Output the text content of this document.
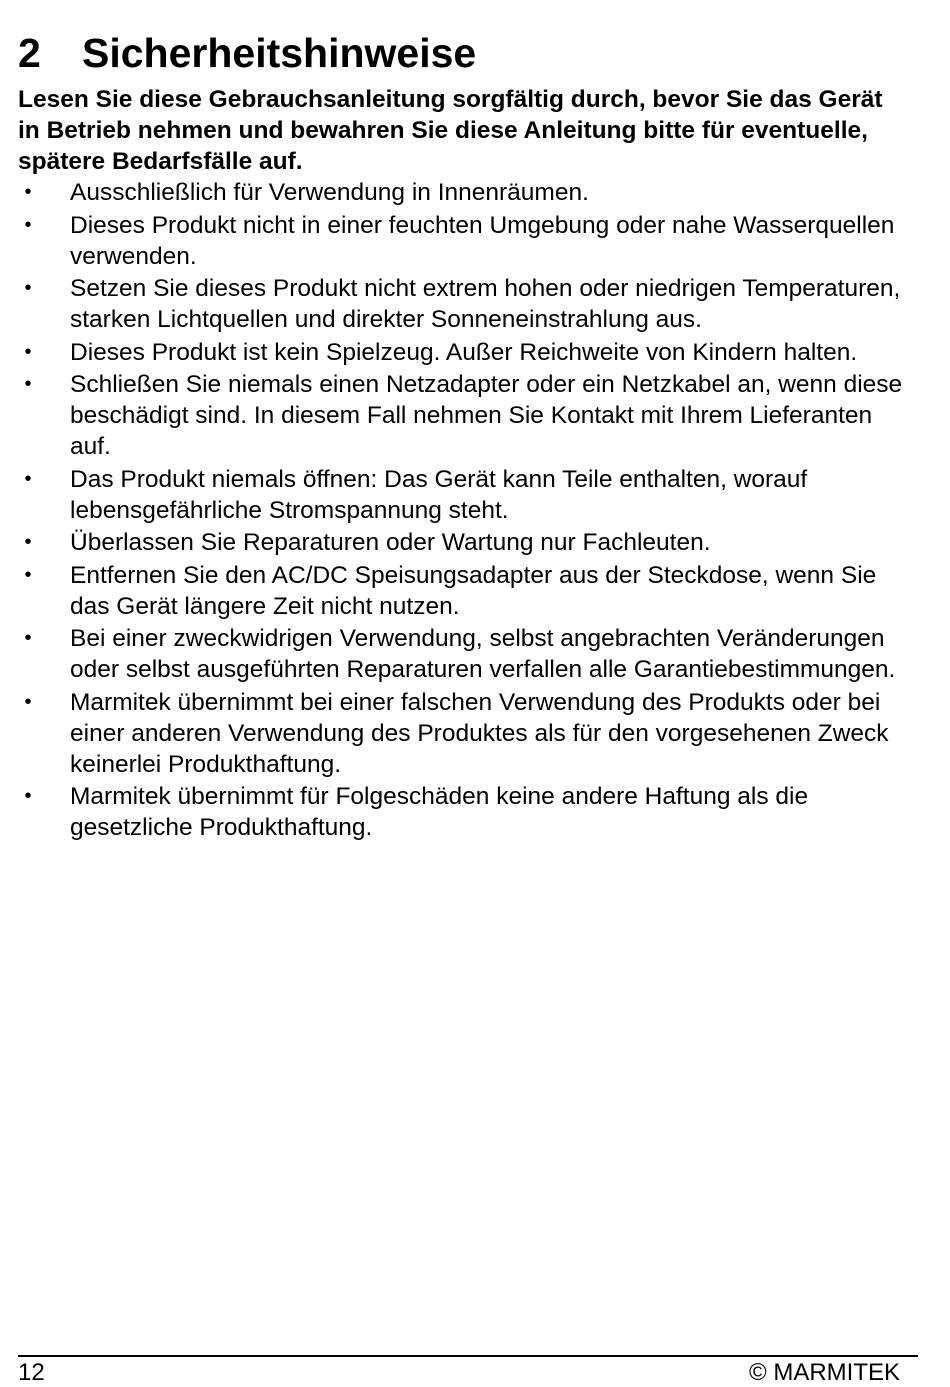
2 Sicherheitshinweise

Lesen Sie diese Gebrauchsanleitung sorgfältig durch, bevor Sie das Gerät in Betrieb nehmen und bewahren Sie diese Anleitung bitte für eventuelle, spätere Bedarfsfälle auf.

• Ausschließlich für Verwendung in Innenräumen.
• Dieses Produkt nicht in einer feuchten Umgebung oder nahe Wasserquellen verwenden.
• Setzen Sie dieses Produkt nicht extrem hohen oder niedrigen Temperaturen, starken Lichtquellen und direkter Sonneneinstrahlung aus.
• Dieses Produkt ist kein Spielzeug. Außer Reichweite von Kindern halten.
• Schließen Sie niemals einen Netzadapter oder ein Netzkabel an, wenn diese beschädigt sind. In diesem Fall nehmen Sie Kontakt mit Ihrem Lieferanten auf.
• Das Produkt niemals öffnen: Das Gerät kann Teile enthalten, worauf lebensgefährliche Stromspannung steht.
• Überlassen Sie Reparaturen oder Wartung nur Fachleuten.
• Entfernen Sie den AC/DC Speisungsadapter aus der Steckdose, wenn Sie das Gerät längere Zeit nicht nutzen.
• Bei einer zweckwidrigen Verwendung, selbst angebrachten Veränderungen oder selbst ausgeführten Reparaturen verfallen alle Garantiebestimmungen.
• Marmitek übernimmt bei einer falschen Verwendung des Produkts oder bei einer anderen Verwendung des Produktes als für den vorgesehenen Zweck keinerlei Produkthaftung.
• Marmitek übernimmt für Folgeschäden keine andere Haftung als die gesetzliche Produkthaftung.
12	© MARMITEK
